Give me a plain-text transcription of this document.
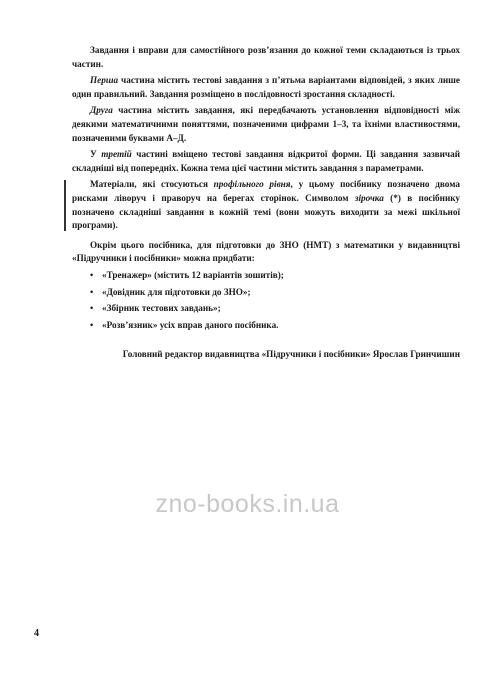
Завдання і вправи для самостійного розв’язання до кожної теми складаються із трьох частин.

Перша частина містить тестові завдання з п’ятьма варіантами відповідей, з яких лише один правильний. Завдання розміщено в послідовності зростання складності.

Друга частина містить завдання, які передбачають установлення відповідності між деякими математичними поняттями, позначеними цифрами 1–3, та їхніми властивостями, позначеними буквами А–Д.

У третій частині вміщено тестові завдання відкритої форми. Ці завдання зазвичай складніші від попередніх. Кожна тема цієї частини містить завдання з параметрами.

Матеріали, які стосуються профільного рівня, у цьому посібнику позначено двома рисками ліворуч і праворуч на берегах сторінок. Символом зірочка (*) в посібнику позначено складніші завдання в кожній темі (вони можуть виходити за межі шкільної програми).

Окрім цього посібника, для підготовки до ЗНО (НМТ) з математики у видавництві «Підручники і посібники» можна придбати:

• «Тренажер» (містить 12 варіантів зошитів);
• «Довідник для підготовки до ЗНО»;
• «Збірник тестових завдань»;
• «Розв’язник» усіх вправ даного посібника.

Головний редактор видавництва «Підручники і посібники» Ярослав Гринчишин

zno-books.in.ua
4
